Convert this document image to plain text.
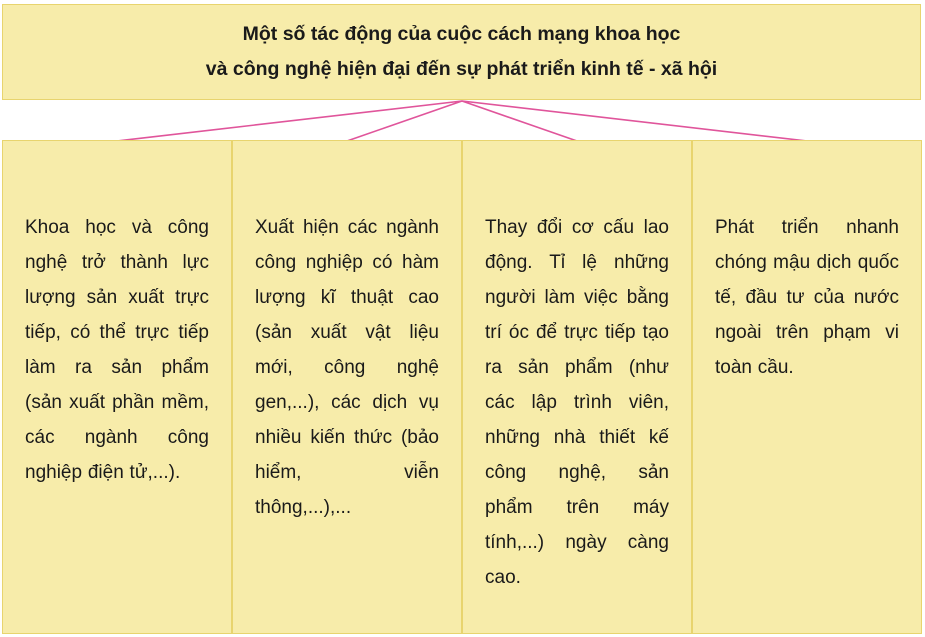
Một số tác động của cuộc cách mạng khoa học
và công nghệ hiện đại đến sự phát triển kinh tế - xã hội

Khoa học và công nghệ trở thành lực lượng sản xuất trực tiếp, có thể trực tiếp làm ra sản phẩm (sản xuất phần mềm, các ngành công nghiệp điện tử,...).

Xuất hiện các ngành công nghiệp có hàm lượng kĩ thuật cao (sản xuất vật liệu mới, công nghệ gen,...), các dịch vụ nhiều kiến thức (bảo hiểm, viễn thông,...),...

Thay đổi cơ cấu lao động. Tỉ lệ những người làm việc bằng trí óc để trực tiếp tạo ra sản phẩm (như các lập trình viên, những nhà thiết kế công nghệ, sản phẩm trên máy tính,...) ngày càng cao.

Phát triển nhanh chóng mậu dịch quốc tế, đầu tư của nước ngoài trên phạm vi toàn cầu.
